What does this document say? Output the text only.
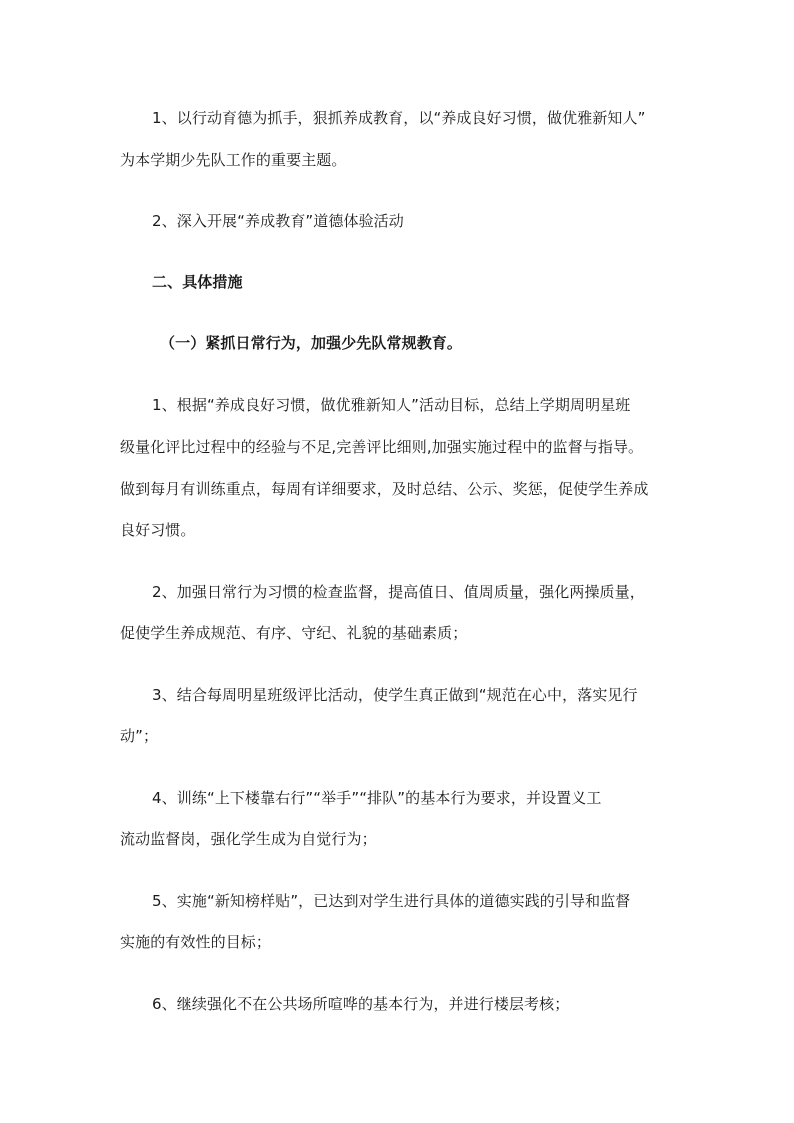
1、以行动育德为抓手，狠抓养成教育，以“养成良好习惯，做优雅新知人”
为本学期少先队工作的重要主题。
2、深入开展“养成教育”道德体验活动
二、具体措施
（一）紧抓日常行为，加强少先队常规教育。
1、根据“养成良好习惯，做优雅新知人”活动目标，总结上学期周明星班
级量化评比过程中的经验与不足,完善评比细则,加强实施过程中的监督与指导。
做到每月有训练重点，每周有详细要求，及时总结、公示、奖惩，促使学生养成
良好习惯。
2、加强日常行为习惯的检查监督，提高值日、值周质量，强化两操质量，
促使学生养成规范、有序、守纪、礼貌的基础素质；
3、结合每周明星班级评比活动，使学生真正做到“规范在心中，落实见行
动”；
4、训练“上下楼靠右行”“举手”“排队”的基本行为要求，并设置义工
流动监督岗，强化学生成为自觉行为；
5、实施“新知榜样贴”，已达到对学生进行具体的道德实践的引导和监督
实施的有效性的目标；
6、继续强化不在公共场所喧哗的基本行为，并进行楼层考核；
